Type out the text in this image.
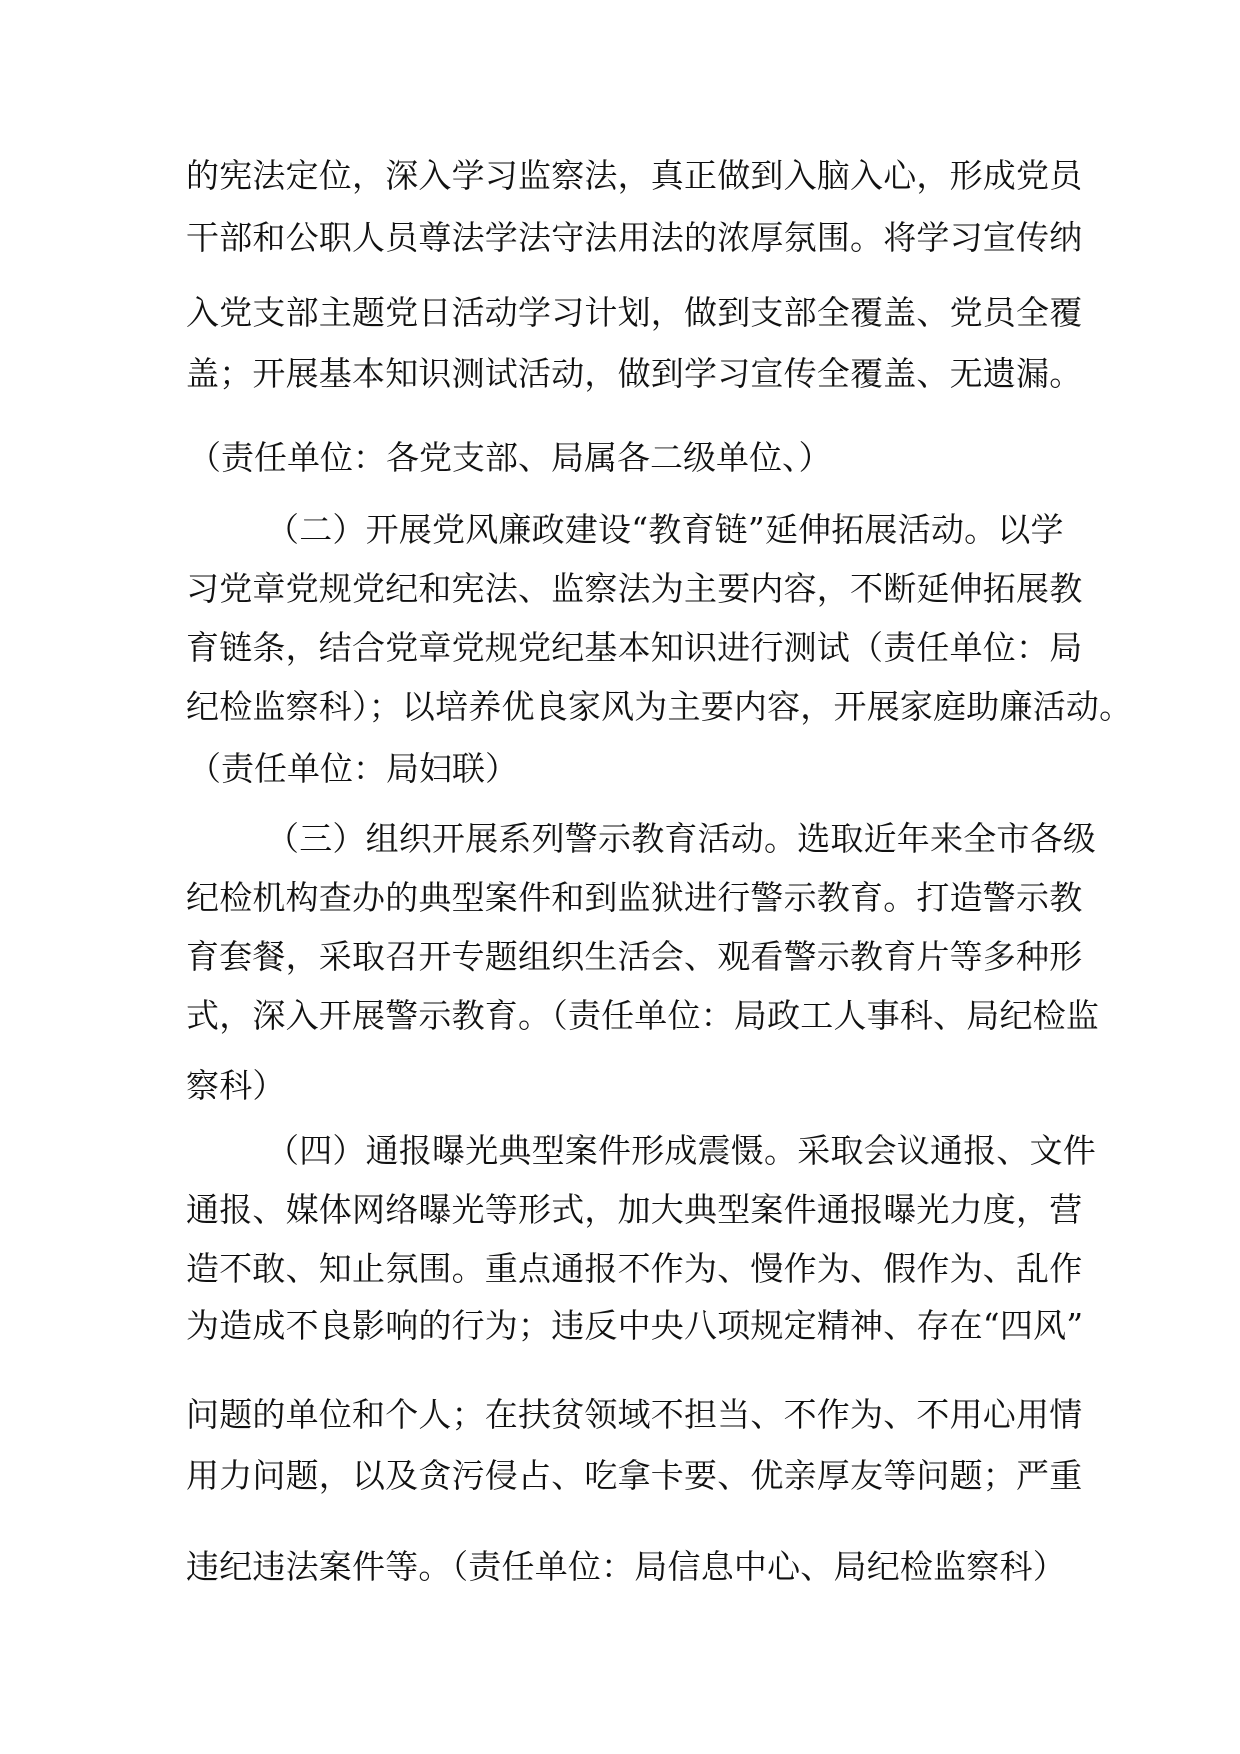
的宪法定位，深入学习监察法，真正做到入脑入心，形成党员
干部和公职人员尊法学法守法用法的浓厚氛围。将学习宣传纳
入党支部主题党日活动学习计划，做到支部全覆盖、党员全覆
盖；开展基本知识测试活动，做到学习宣传全覆盖、无遗漏。
（责任单位：各党支部、局属各二级单位、）
（二）开展党风廉政建设“教育链”延伸拓展活动。以学
习党章党规党纪和宪法、监察法为主要内容，不断延伸拓展教
育链条，结合党章党规党纪基本知识进行测试（责任单位：局
纪检监察科）；以培养优良家风为主要内容，开展家庭助廉活动。
（责任单位：局妇联）
（三）组织开展系列警示教育活动。选取近年来全市各级
纪检机构查办的典型案件和到监狱进行警示教育。打造警示教
育套餐，采取召开专题组织生活会、观看警示教育片等多种形
式，深入开展警示教育。（责任单位：局政工人事科、局纪检监
察科）
（四）通报曝光典型案件形成震慑。采取会议通报、文件
通报、媒体网络曝光等形式，加大典型案件通报曝光力度，营
造不敢、知止氛围。重点通报不作为、慢作为、假作为、乱作
为造成不良影响的行为；违反中央八项规定精神、存在“四风”
问题的单位和个人；在扶贫领域不担当、不作为、不用心用情
用力问题，以及贪污侵占、吃拿卡要、优亲厚友等问题；严重
违纪违法案件等。（责任单位：局信息中心、局纪检监察科）
